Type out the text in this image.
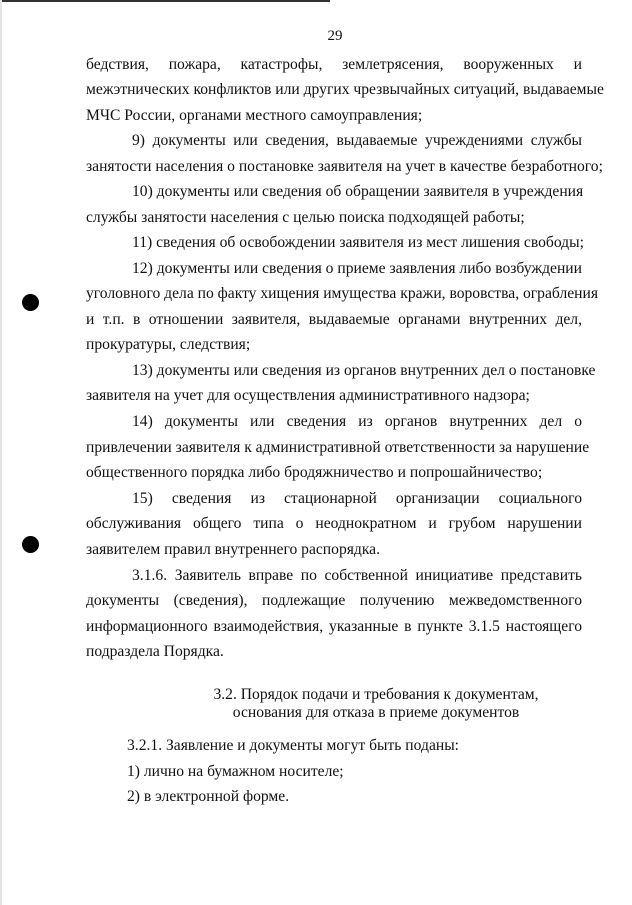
29
бедствия, пожара, катастрофы, землетрясения, вооруженных и
межэтнических конфликтов или других чрезвычайных ситуаций, выдаваемые
МЧС России, органами местного самоуправления;
9) документы или сведения, выдаваемые учреждениями службы
занятости населения о постановке заявителя на учет в качестве безработного;
10) документы или сведения об обращении заявителя в учреждения
службы занятости населения с целью поиска подходящей работы;
11) сведения об освобождении заявителя из мест лишения свободы;
12) документы или сведения о приеме заявления либо возбуждении
уголовного дела по факту хищения имущества кражи, воровства, ограбления
и т.п. в отношении заявителя, выдаваемые органами внутренних дел,
прокуратуры, следствия;
13) документы или сведения из органов внутренних дел о постановке
заявителя на учет для осуществления административного надзора;
14) документы или сведения из органов внутренних дел о
привлечении заявителя к административной ответственности за нарушение
общественного порядка либо бродяжничество и попрошайничество;
15) сведения из стационарной организации социального
обслуживания общего типа о неоднократном и грубом нарушении
заявителем правил внутреннего распорядка.
3.1.6. Заявитель вправе по собственной инициативе представить
документы (сведения), подлежащие получению межведомственного
информационного взаимодействия, указанные в пункте 3.1.5 настоящего
подраздела Порядка.
3.2. Порядок подачи и требования к документам,
основания для отказа в приеме документов
3.2.1. Заявление и документы могут быть поданы:
1) лично на бумажном носителе;
2) в электронной форме.
